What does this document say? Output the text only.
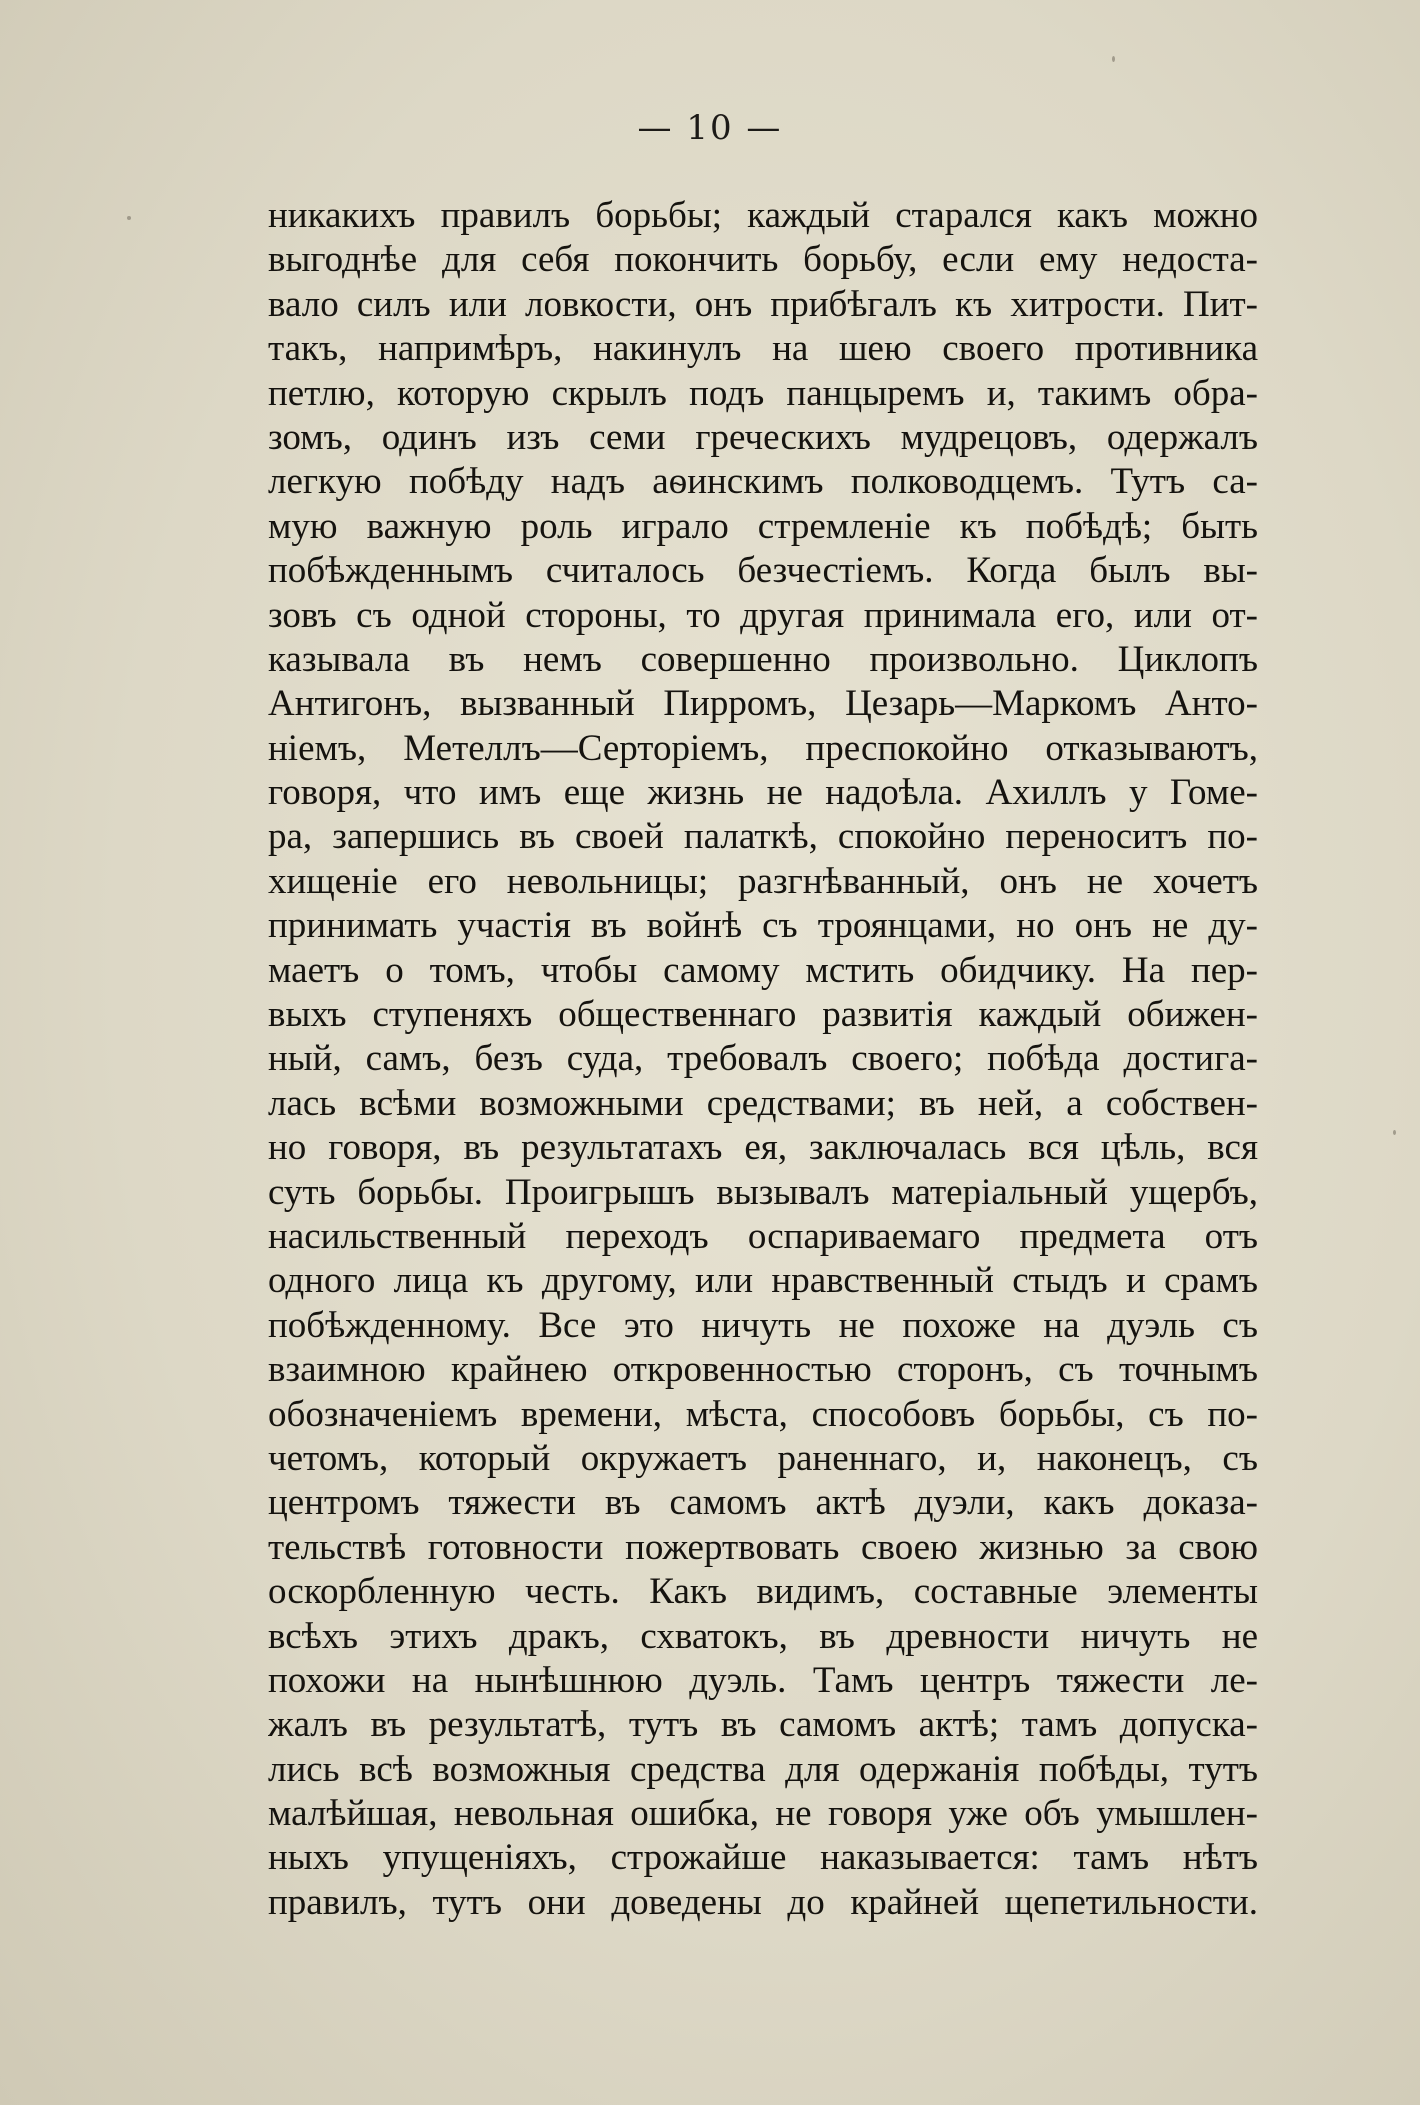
— 10 —
никакихъ правилъ борьбы; каждый старался какъ можно
выгоднѣе для себя покончить борьбу, если ему недоста-
вало силъ или ловкости, онъ прибѣгалъ къ хитрости. Пит-
такъ, напримѣръ, накинулъ на шею своего противника
петлю, которую скрылъ подъ панцыремъ и, такимъ обра-
зомъ, одинъ изъ семи греческихъ мудрецовъ, одержалъ
легкую побѣду надъ аѳинскимъ полководцемъ. Тутъ са-
мую важную роль играло стремленіе къ побѣдѣ; быть
побѣжденнымъ считалось безчестіемъ. Когда былъ вы-
зовъ съ одной стороны, то другая принимала его, или от-
казывала въ немъ совершенно произвольно. Циклопъ
Антигонъ, вызванный Пирромъ, Цезарь—Маркомъ Анто-
ніемъ, Метеллъ—Серторіемъ, преспокойно отказываютъ,
говоря, что имъ еще жизнь не надоѣла. Ахиллъ у Гоме-
ра, запершись въ своей палаткѣ, спокойно переноситъ по-
хищеніе его невольницы; разгнѣванный, онъ не хочетъ
принимать участія въ войнѣ съ троянцами, но онъ не ду-
маетъ о томъ, чтобы самому мстить обидчику. На пер-
выхъ ступеняхъ общественнаго развитія каждый обижен-
ный, самъ, безъ суда, требовалъ своего; побѣда достига-
лась всѣми возможными средствами; въ ней, а собствен-
но говоря, въ результатахъ ея, заключалась вся цѣль, вся
суть борьбы. Проигрышъ вызывалъ матеріальный ущербъ,
насильственный переходъ оспариваемаго предмета отъ
одного лица къ другому, или нравственный стыдъ и срамъ
побѣжденному. Все это ничуть не похоже на дуэль съ
взаимною крайнею откровенностью сторонъ, съ точнымъ
обозначеніемъ времени, мѣста, способовъ борьбы, съ по-
четомъ, который окружаетъ раненнаго, и, наконецъ, съ
центромъ тяжести въ самомъ актѣ дуэли, какъ доказа-
тельствѣ готовности пожертвовать своею жизнью за свою
оскорбленную честь. Какъ видимъ, составные элементы
всѣхъ этихъ дракъ, схватокъ, въ древности ничуть не
похожи на нынѣшнюю дуэль. Тамъ центръ тяжести ле-
жалъ въ результатѣ, тутъ въ самомъ актѣ; тамъ допуска-
лись всѣ возможныя средства для одержанія побѣды, тутъ
малѣйшая, невольная ошибка, не говоря уже объ умышлен-
ныхъ упущеніяхъ, строжайше наказывается: тамъ нѣтъ
правилъ, тутъ они доведены до крайней щепетильности.
